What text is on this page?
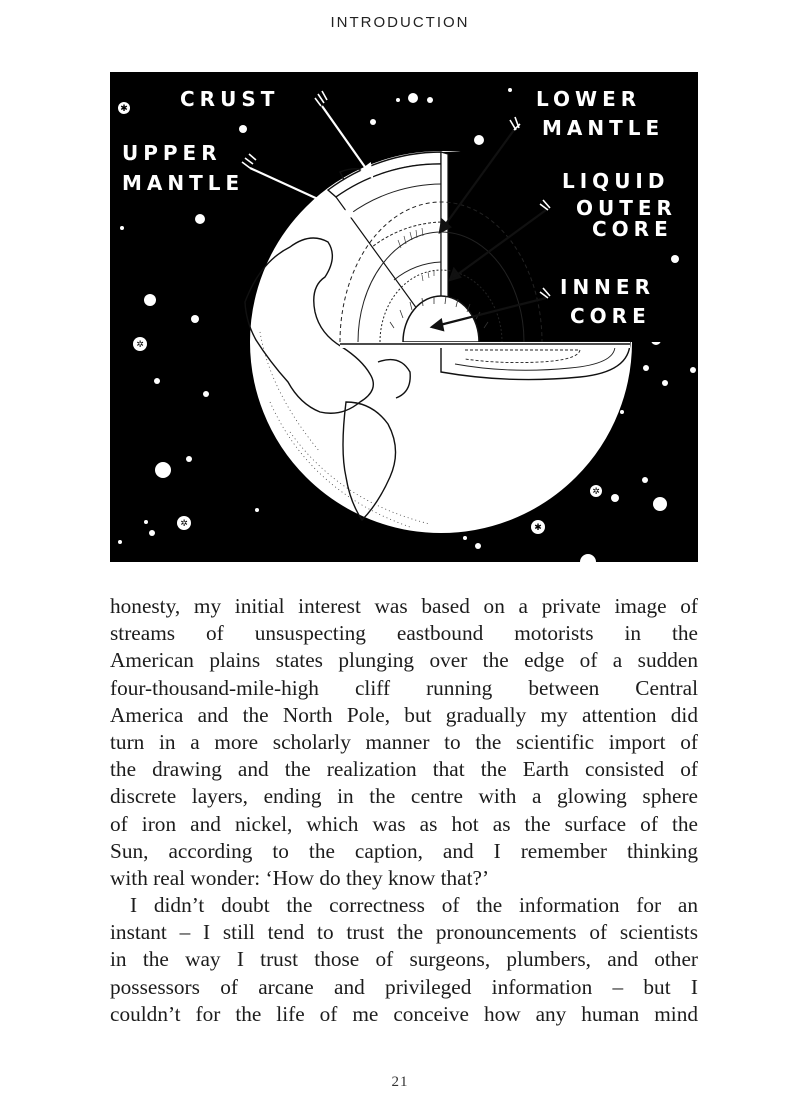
INTRODUCTION
✱
✲
✲	✱
✲
CRUST
UPPER
MANTLE
LOWER
MANTLE
LIQUID
OUTER
CORE
INNER
CORE
honesty, my initial interest was based on a private image of
streams of unsuspecting eastbound motorists in the
American plains states plunging over the edge of a sudden
four-thousand-mile-high cliff running between Central
America and the North Pole, but gradually my attention did
turn in a more scholarly manner to the scientific import of
the drawing and the realization that the Earth consisted of
discrete layers, ending in the centre with a glowing sphere
of iron and nickel, which was as hot as the surface of the
Sun, according to the caption, and I remember thinking
with real wonder: ‘How do they know that?’
I didn’t doubt the correctness of the information for an
instant – I still tend to trust the pronouncements of scientists
in the way I trust those of surgeons, plumbers, and other
possessors of arcane and privileged information – but I
couldn’t for the life of me conceive how any human mind
21
